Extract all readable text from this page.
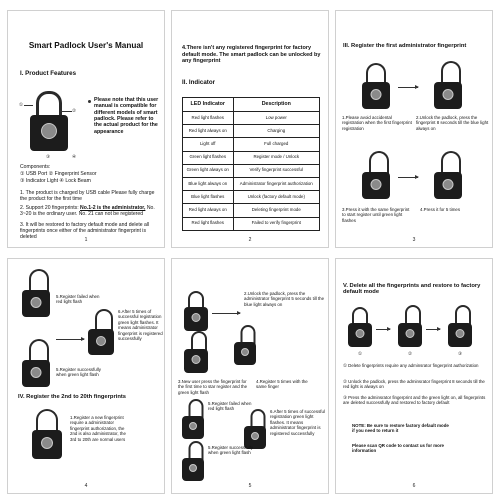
Smart Padlock User's Manual
I. Product Features
①
②
③	④
Please note that this user manual is compatible for different models of smart padlock. Please refer to the actual product for the appearance
Components:
① USB Port ② Fingerprint Sensor
③ Indicator Light ④ Lock Beam
1. The product is charged by USB cable Please fully charge the product for the first time
2. Support 20 fingerprints: No.1-2 is the administrator, No. 3~20 is the ordinary user. No. 21 can not be registered
3. It will be restored to factory default mode and delete all fingerprints once either of the administrator fingerprint is deleted	1
4.There isn't any registered fingerprint for factory default mode. The smart padlock can be unlocked by any fingerprint
II. Indicator
LED Indicator	Description
Red light flashes	Low power
Red light always on	Charging
Light off	Full charged
Green light flashes	Register mode / Unlock
Green light always on	Verify fingerprint successful
Blue light always on	Administrator fingerprint authorization
Blue light flashes	Unlock (factory default mode)
Red light always on	Deleting fingerprint mode
Red light flashes	Failed to verify fingerprint
2
III. Register the first administrator fingerprint
1.Please avoid accidental registration when the first fingerprint registration
2.Unlock the padlock, press the fingerprint 8 seconds till the blue light always on
3.Press it with the same fingerprint to start register until green light flashes
4.Press it for 5 times
3
5.Register failed when red light flash
6.After 5 times of successful registration green light flashes. It means administrator fingerprint is registered successfully
5.Register successfully when green light flash
IV. Register the 2nd to 20th fingerprints
1.Register a new fingerprint require a administrator fingerprint authorization, the 2nd is also administrator, the 3rd to 20th are normal users
4
2.Unlock the padlock, press the administrator fingerprint 5 seconds till the blue light always on
3.New user press the fingerprint for the first time to star register and the green light flash
4.Register 5 times with the same finger
5.Register failed when red light flash
6.After 5 times of successful registration green light flashes. It means administrator fingerprint is registered successfully
5.Register successfully when green light flash
5
V. Delete all the fingerprints and restore to factory default mode
①	②	③
① Delete fingerprints require any adminsrator fingerprint authorization
② Unlock the padlock, press the adminsrator fingerprint 8 seconds till the red light is always on
③ Press the adminsrator fingerprint and the green light on, all fingerprints are deleted successfully and restored to factory default
NOTE: Be sure to restore factory default mode if you need to return it
Please scan QR code to contact us for more information
6
